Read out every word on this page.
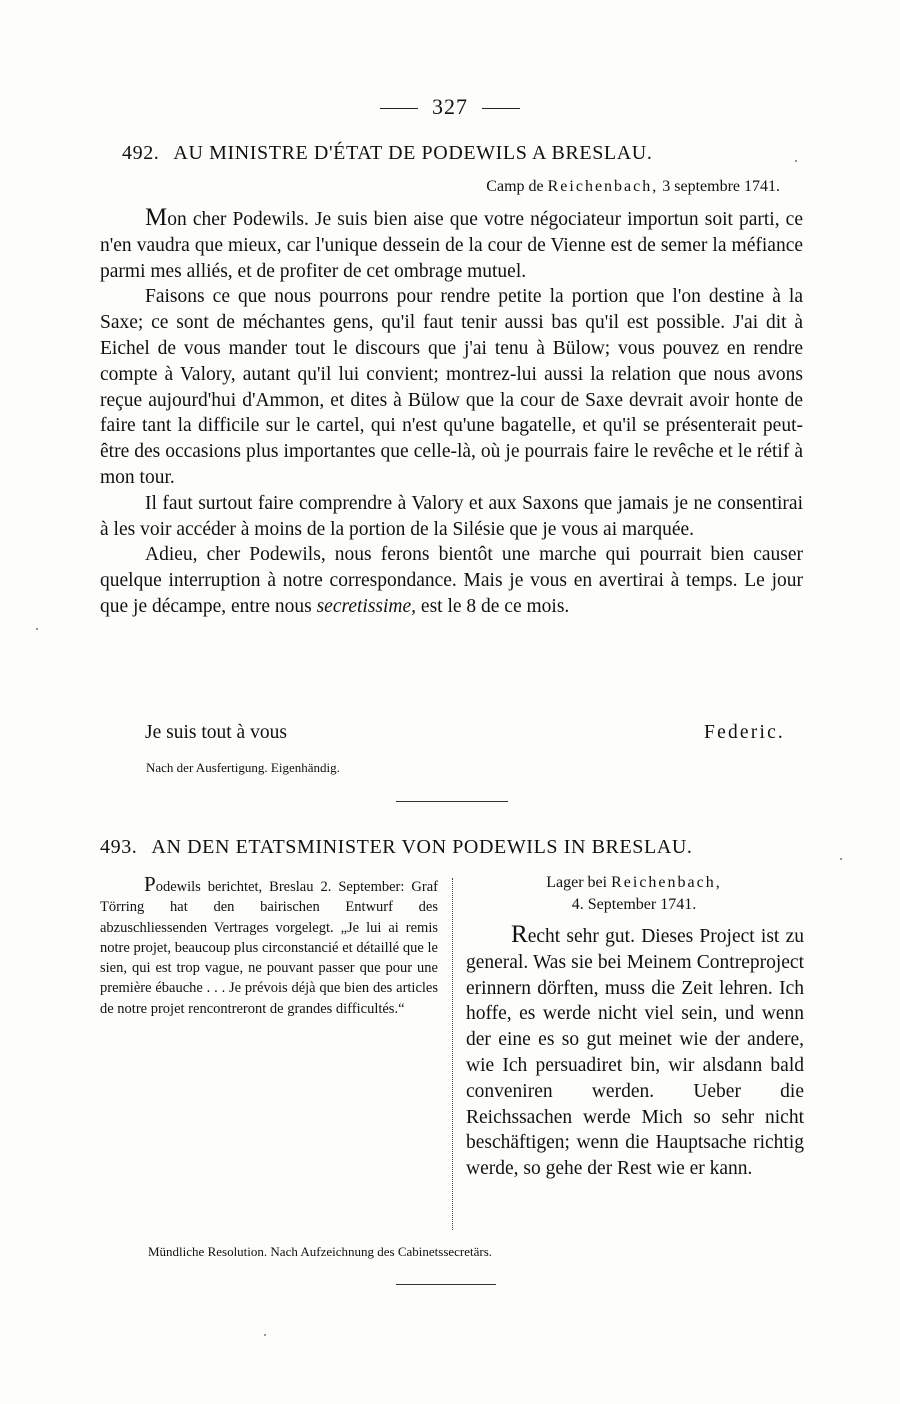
327
492. AU MINISTRE D'ÉTAT DE PODEWILS A BRESLAU.
Camp de Reichenbach, 3 septembre 1741.

Mon cher Podewils. Je suis bien aise que votre négociateur importun soit parti, ce n'en vaudra que mieux, car l'unique dessein de la cour de Vienne est de semer la méfiance parmi mes alliés, et de profiter de cet ombrage mutuel.

Faisons ce que nous pourrons pour rendre petite la portion que l'on destine à la Saxe; ce sont de méchantes gens, qu'il faut tenir aussi bas qu'il est possible. J'ai dit à Eichel de vous mander tout le discours que j'ai tenu à Bülow; vous pouvez en rendre compte à Valory, autant qu'il lui convient; montrez-lui aussi la relation que nous avons reçue aujourd'hui d'Ammon, et dites à Bülow que la cour de Saxe devrait avoir honte de faire tant la difficile sur le cartel, qui n'est qu'une bagatelle, et qu'il se présenterait peut-être des occasions plus importantes que celle-là, où je pourrais faire le revêche et le rétif à mon tour.

Il faut surtout faire comprendre à Valory et aux Saxons que jamais je ne consentirai à les voir accéder à moins de la portion de la Silésie que je vous ai marquée.

Adieu, cher Podewils, nous ferons bientôt une marche qui pourrait bien causer quelque interruption à notre correspondance. Mais je vous en avertirai à temps. Le jour que je décampe, entre nous secretissime, est le 8 de ce mois.

Je suis tout à vous	Federic.
Nach der Ausfertigung. Eigenhändig.
493. AN DEN ETATSMINISTER VON PODEWILS IN BRESLAU.

Podewils berichtet, Breslau 2. September: Graf Törring hat den bairischen Entwurf des abzuschliessenden Vertrages vorgelegt. „Je lui ai remis notre projet, beaucoup plus circonstancié et détaillé que le sien, qui est trop vague, ne pouvant passer que pour une première ébauche . . . Je prévois déjà que bien des articles de notre projet rencontreront de grandes difficultés.“

Lager bei Reichenbach,
4. September 1741.

Recht sehr gut. Dieses Project ist zu general. Was sie bei Meinem Contreproject erinnern dörften, muss die Zeit lehren. Ich hoffe, es werde nicht viel sein, und wenn der eine es so gut meinet wie der andere, wie Ich persuadiret bin, wir alsdann bald conveniren werden. Ueber die Reichssachen werde Mich so sehr nicht beschäftigen; wenn die Hauptsache richtig werde, so gehe der Rest wie er kann.

Mündliche Resolution. Nach Aufzeichnung des Cabinetssecretärs.
